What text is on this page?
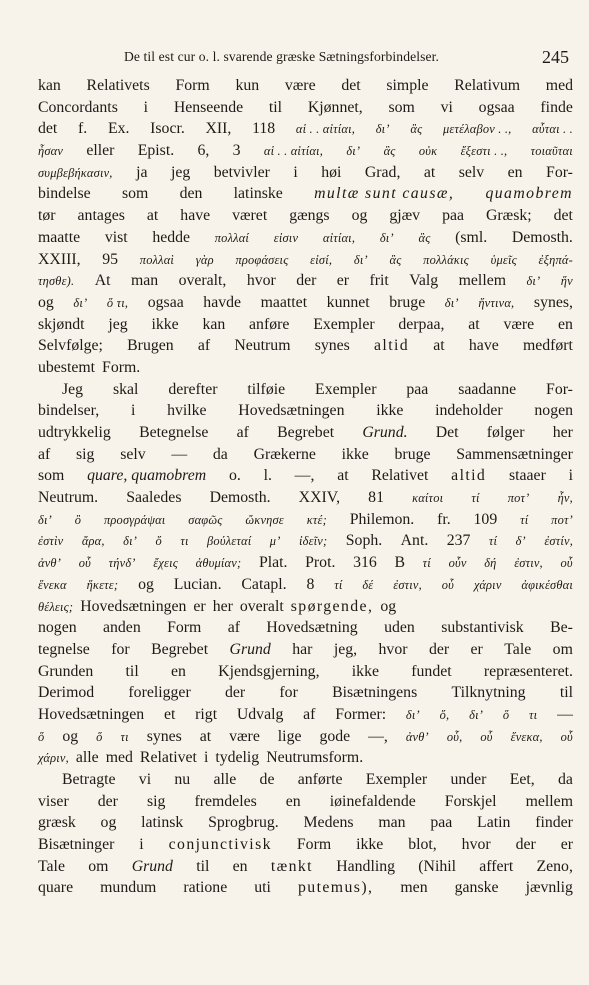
De til est cur o. l. svarende græske Sætningsforbindelser.	245
kan Relativets Form kun være det simple Relativum med
Concordants i Henseende til Kjønnet, som vi ogsaa finde
det f. Ex. Isocr. XII, 118 αἱ . . αἰτίαι, δι’ ἃς μετέλαβον . ., αὗται . .
ἦσαν eller Epist. 6, 3 αἱ . . αἰτίαι, δι’ ἃς οὐκ ἔξεστι . ., τοιαῦται
συμβεβήκασιν, ja jeg betvivler i høi Grad, at selv en For-
bindelse som den latinske multæ sunt causæ, quamobrem
tør antages at have været gængs og gjæv paa Græsk; det
maatte vist hedde πολλαί εἰσιν αἰτίαι, δι’ ἃς (sml. Demosth.
XXIII, 95 πολλαὶ γὰρ προφάσεις εἰσί, δι’ ἃς πολλάκις ὑμεῖς ἐξηπά-
τησθε). At man overalt, hvor der er frit Valg mellem δι’ ἥν
og δι’ ὅ τι, ogsaa havde maattet kunnet bruge δι’ ἥντινα, synes,
skjøndt jeg ikke kan anføre Exempler derpaa, at være en
Selvfølge; Brugen af Neutrum synes altid at have medført
ubestemt Form.
Jeg skal derefter tilføie Exempler paa saadanne For-
bindelser, i hvilke Hovedsætningen ikke indeholder nogen
udtrykkelig Betegnelse af Begrebet Grund. Det følger her
af sig selv — da Grækerne ikke bruge Sammensætninger
som quare, quamobrem o. l. —, at Relativet altid staaer i
Neutrum. Saaledes Demosth. XXIV, 81 καίτοι τί ποτ’ ἦν,
δι’ ὃ προσγράψαι σαφῶς ὤκνησε κτέ; Philemon. fr. 109 τί ποτ’
ἐστὶν ἄρα, δι’ ὅ τι βούλεταί μ’ ἰδεῖν; Soph. Ant. 237 τί δ’ ἐστίν,
ἀνθ’ οὗ τήνδ’ ἔχεις ἀθυμίαν; Plat. Prot. 316 B τί οὖν δή ἐστιν, οὗ
ἕνεκα ἥκετε; og Lucian. Catapl. 8 τί δέ ἐστιν, οὗ χάριν ἀφικέσθαι
θέλεις; Hovedsætningen er her overalt spørgende, og
nogen anden Form af Hovedsætning uden substantivisk Be-
tegnelse for Begrebet Grund har jeg, hvor der er Tale om
Grunden til en Kjendsgjerning, ikke fundet repræsenteret.
Derimod foreligger der for Bisætningens Tilknytning til
Hovedsætningen et rigt Udvalg af Former: δι’ ὅ, δι’ ὅ τι —
ὅ og ὅ τι synes at være lige gode —, ἀνθ’ οὗ, οὗ ἕνεκα, οὗ
χάριν, alle med Relativet i tydelig Neutrumsform.
Betragte vi nu alle de anførte Exempler under Eet, da
viser der sig fremdeles en iøinefaldende Forskjel mellem
græsk og latinsk Sprogbrug. Medens man paa Latin finder
Bisætninger i conjunctivisk Form ikke blot, hvor der er
Tale om Grund til en tænkt Handling (Nihil affert Zeno,
quare mundum ratione uti putemus), men ganske jævnlig
